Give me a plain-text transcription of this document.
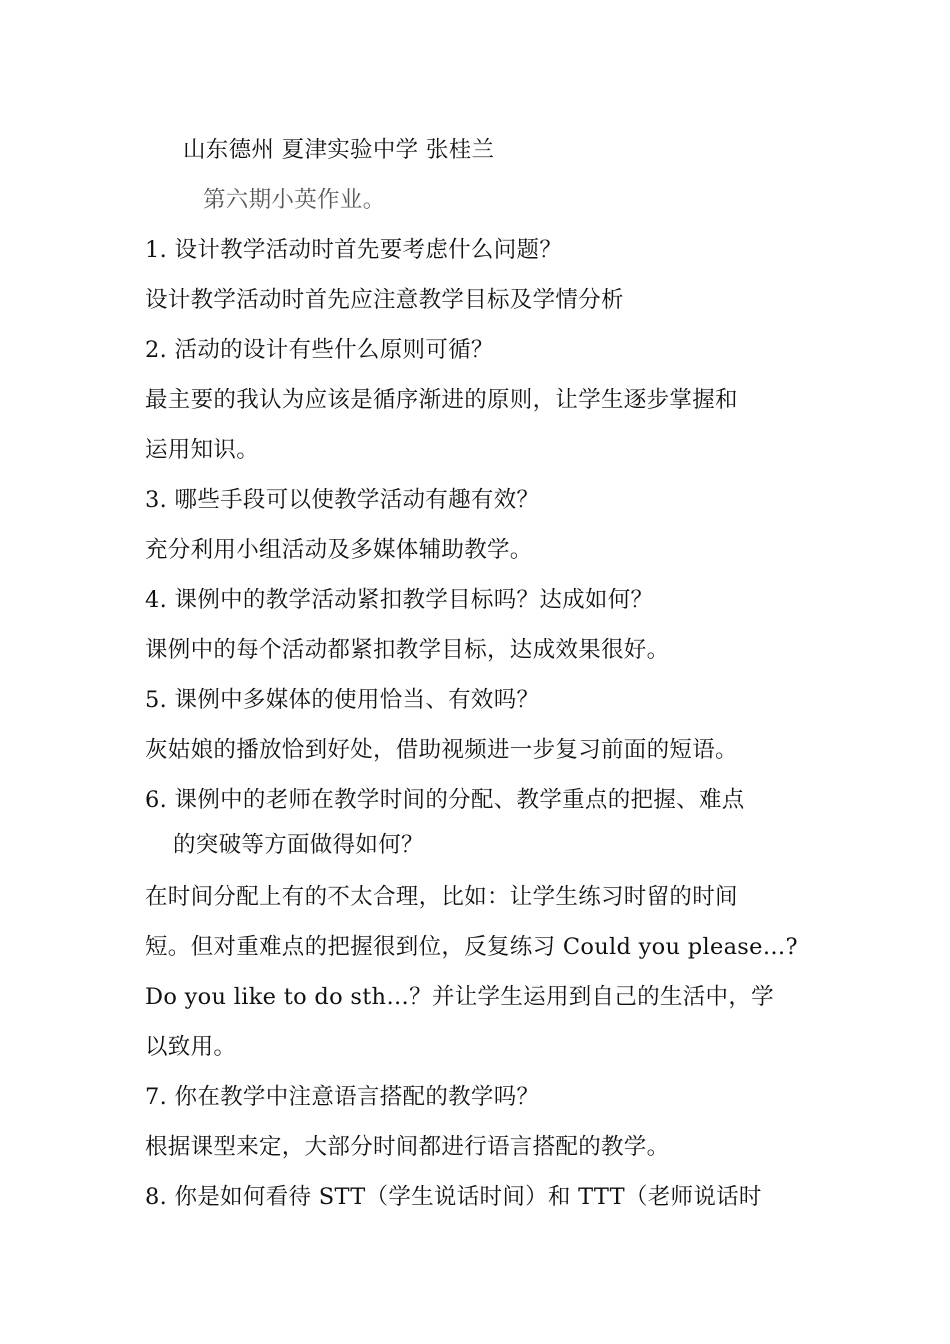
山东德州 夏津实验中学 张桂兰
第六期小英作业。
1. 设计教学活动时首先要考虑什么问题？
设计教学活动时首先应注意教学目标及学情分析
2. 活动的设计有些什么原则可循？
最主要的我认为应该是循序渐进的原则，让学生逐步掌握和
运用知识。
3. 哪些手段可以使教学活动有趣有效？
充分利用小组活动及多媒体辅助教学。
4. 课例中的教学活动紧扣教学目标吗？达成如何？
课例中的每个活动都紧扣教学目标，达成效果很好。
5. 课例中多媒体的使用恰当、有效吗？
灰姑娘的播放恰到好处，借助视频进一步复习前面的短语。
6. 课例中的老师在教学时间的分配、教学重点的把握、难点
的突破等方面做得如何？
在时间分配上有的不太合理，比如：让学生练习时留的时间
短。但对重难点的把握很到位，反复练习 Could you please…?
Do you like to do sth…？并让学生运用到自己的生活中，学
以致用。
7. 你在教学中注意语言搭配的教学吗？
根据课型来定，大部分时间都进行语言搭配的教学。
8. 你是如何看待 STT（学生说话时间）和 TTT（老师说话时
